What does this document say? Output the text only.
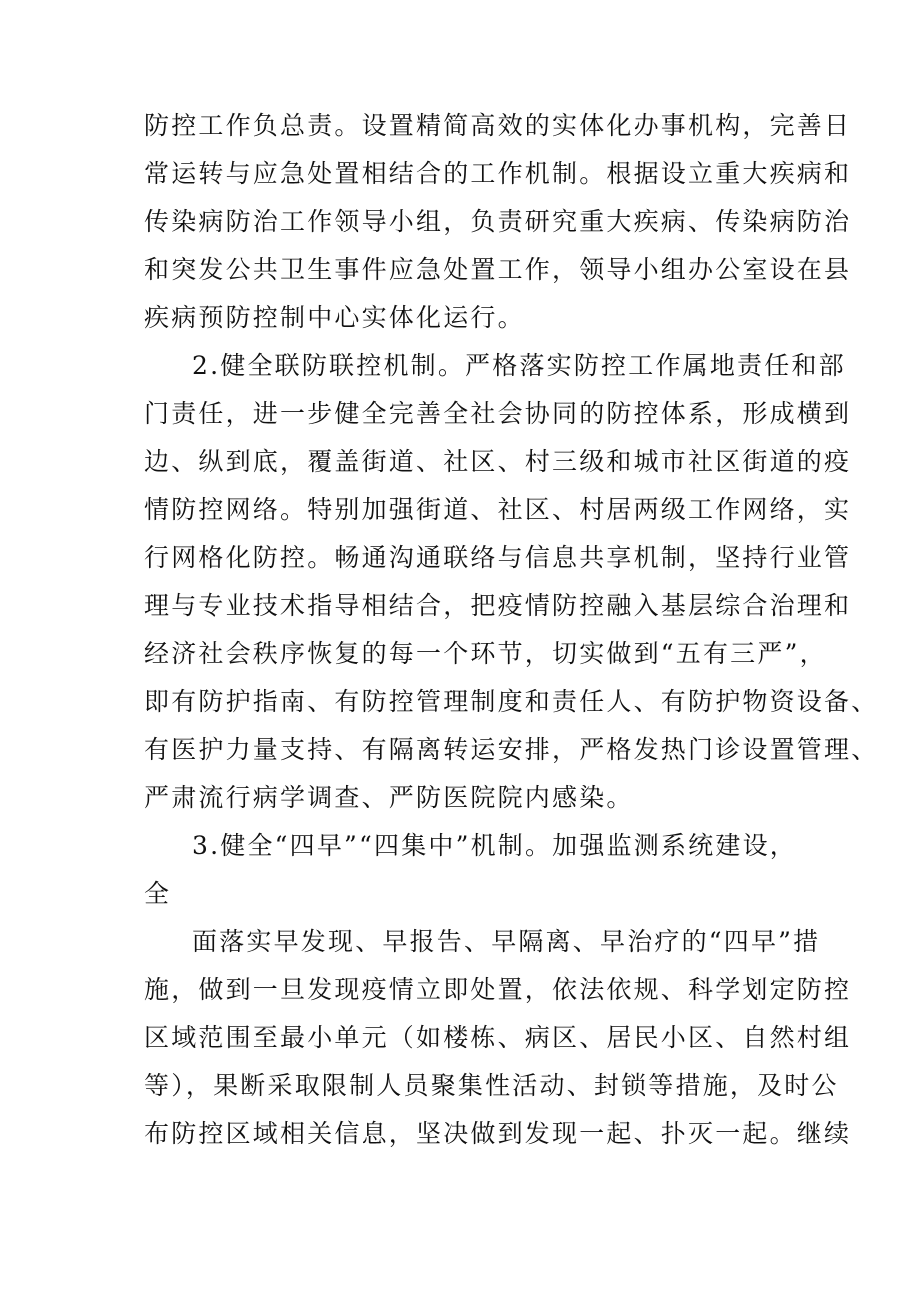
防控工作负总责。设置精简高效的实体化办事机构，完善日
常运转与应急处置相结合的工作机制。根据设立重大疾病和
传染病防治工作领导小组，负责研究重大疾病、传染病防治
和突发公共卫生事件应急处置工作，领导小组办公室设在县
疾病预防控制中心实体化运行。
2.健全联防联控机制。严格落实防控工作属地责任和部
门责任，进一步健全完善全社会协同的防控体系，形成横到
边、纵到底，覆盖街道、社区、村三级和城市社区街道的疫
情防控网络。特别加强街道、社区、村居两级工作网络，实
行网格化防控。畅通沟通联络与信息共享机制，坚持行业管
理与专业技术指导相结合，把疫情防控融入基层综合治理和
经济社会秩序恢复的每一个环节，切实做到“五有三严”，
即有防护指南、有防控管理制度和责任人、有防护物资设备、
有医护力量支持、有隔离转运安排，严格发热门诊设置管理、
严肃流行病学调查、严防医院院内感染。
3.健全“四早”“四集中”机制。加强监测系统建设，
全
面落实早发现、早报告、早隔离、早治疗的“四早”措
施，做到一旦发现疫情立即处置，依法依规、科学划定防控
区域范围至最小单元（如楼栋、病区、居民小区、自然村组
等），果断采取限制人员聚集性活动、封锁等措施，及时公
布防控区域相关信息，坚决做到发现一起、扑灭一起。继续
